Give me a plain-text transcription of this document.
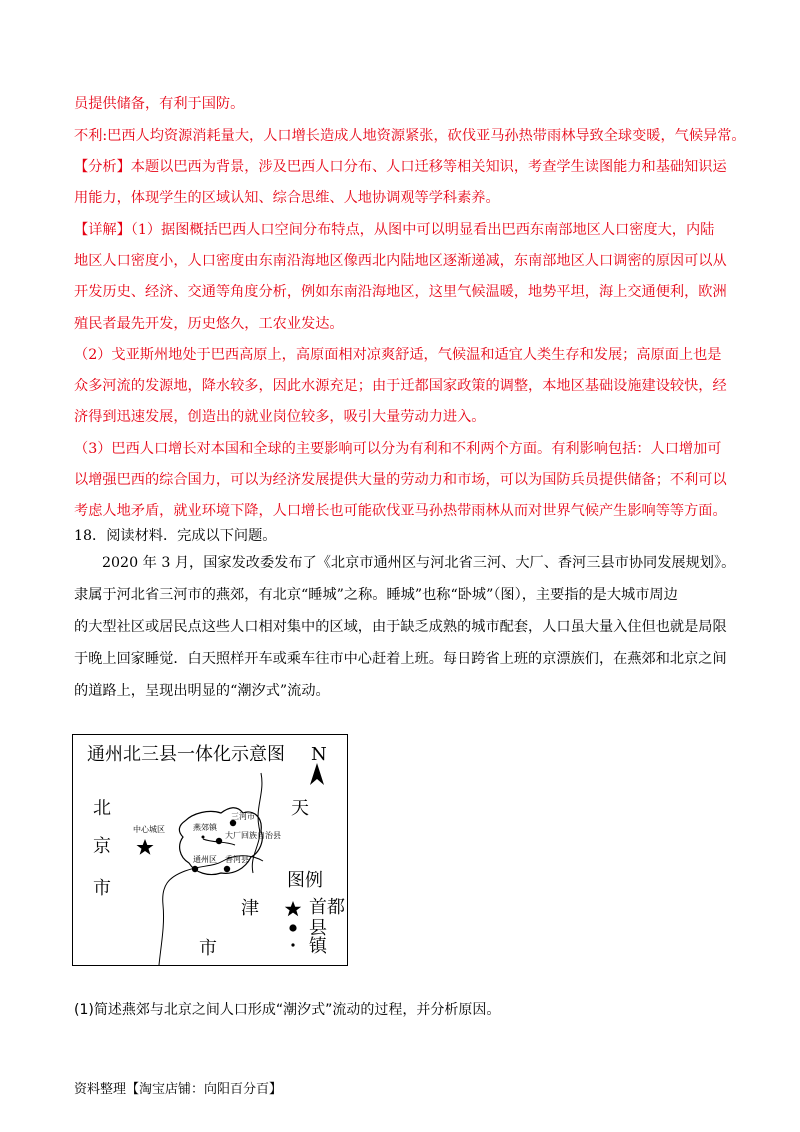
员提供储备，有利于国防。
不利:巴西人均资源消耗量大，人口增长造成人地资源紧张，砍伐亚马孙热带雨林导致全球变暖，气候异常。
【分析】本题以巴西为背景，涉及巴西人口分布、人口迁移等相关知识，考查学生读图能力和基础知识运
用能力，体现学生的区域认知、综合思维、人地协调观等学科素养。
【详解】（1）据图概括巴西人口空间分布特点，从图中可以明显看出巴西东南部地区人口密度大，内陆
地区人口密度小，人口密度由东南沿海地区像西北内陆地区逐渐递减，东南部地区人口调密的原因可以从
开发历史、经济、交通等角度分析，例如东南沿海地区，这里气候温暖，地势平坦，海上交通便利，欧洲
殖民者最先开发，历史悠久，工农业发达。
（2）戈亚斯州地处于巴西高原上，高原面相对凉爽舒适，气候温和适宜人类生存和发展；高原面上也是
众多河流的发源地，降水较多，因此水源充足；由于迁都国家政策的调整，本地区基础设施建设较快，经
济得到迅速发展，创造出的就业岗位较多，吸引大量劳动力进入。
（3）巴西人口增长对本国和全球的主要影响可以分为有利和不利两个方面。有利影响包括：人口增加可
以增强巴西的综合国力，可以为经济发展提供大量的劳动力和市场，可以为国防兵员提供储备；不利可以
考虑人地矛盾，就业环境下降，人口增长也可能砍伐亚马孙热带雨林从而对世界气候产生影响等等方面。
18．阅读材料．完成以下问题。
2020 年 3 月，国家发改委发布了《北京市通州区与河北省三河、大厂、香河三县市协同发展规划》。
隶属于河北省三河市的燕郊，有北京“睡城”之称。睡城”也称“卧城”（图），主要指的是大城市周边
的大型社区或居民点这些人口相对集中的区域，由于缺乏成熟的城市配套，人口虽大量入住但也就是局限
于晚上回家睡觉．白天照样开车或乘车往市中心赶着上班。每日跨省上班的京漂族们，在燕郊和北京之间
的道路上，呈现出明显的“潮汐式”流动。
通州北三县一体化示意图 N
北
京
市
天
津
市
中心城区
三河市
燕郊镇
大厂回族自治县
通州区 香河县
图例
首都
县
镇
(1)简述燕郊与北京之间人口形成“潮汐式”流动的过程，并分析原因。
资料整理【淘宝店铺：向阳百分百】
